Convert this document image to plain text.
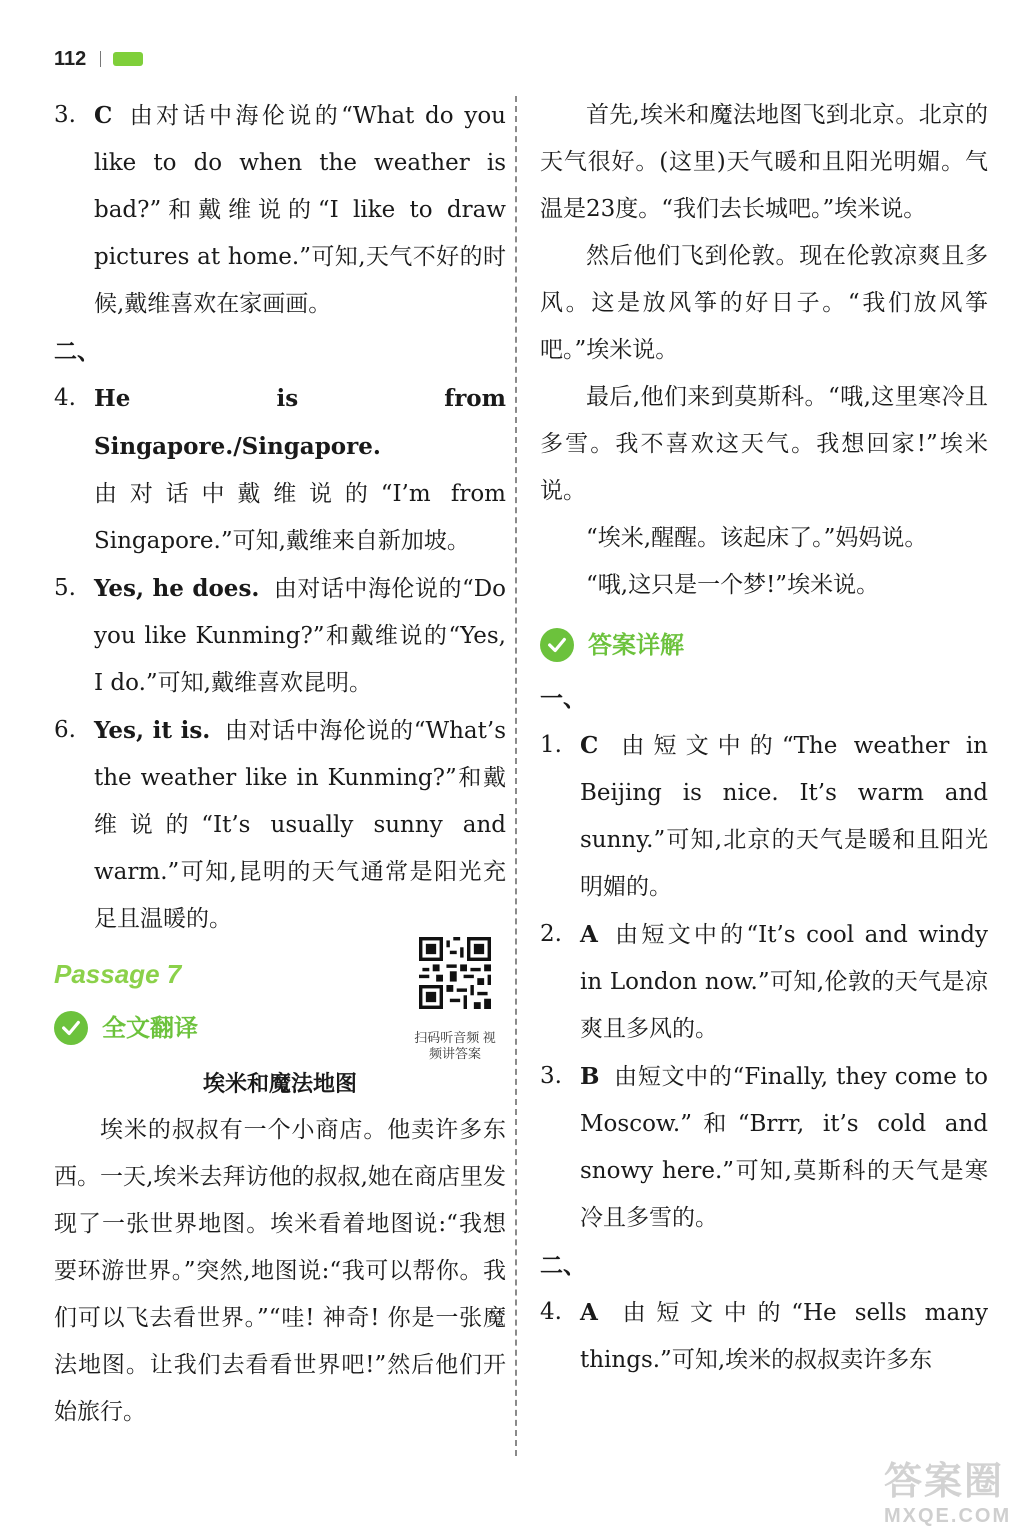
112
3. C 由对话中海伦说的“What do you like to do when the weather is bad?”和戴维说的“I like to draw pictures at home.”可知,天气不好的时候,戴维喜欢在家画画。
二、
4. He is from Singapore./Singapore.
由对话中戴维说的“I’m from Singapore.”可知,戴维来自新加坡。
5. Yes, he does. 由对话中海伦说的“Do you like Kunming?”和戴维说的“Yes, I do.”可知,戴维喜欢昆明。
6. Yes, it is. 由对话中海伦说的“What’s the weather like in Kunming?”和戴维说的“It’s usually sunny and warm.”可知,昆明的天气通常是阳光充足且温暖的。
Passage 7
扫码听音频 视频讲答案
全文翻译
埃米和魔法地图

埃米的叔叔有一个小商店。他卖许多东西。一天,埃米去拜访他的叔叔,她在商店里发现了一张世界地图。埃米看着地图说:“我想要环游世界。”突然,地图说:“我可以帮你。我们可以飞去看世界。”“哇! 神奇! 你是一张魔法地图。让我们去看看世界吧!”然后他们开始旅行。

首先,埃米和魔法地图飞到北京。北京的天气很好。(这里)天气暖和且阳光明媚。气温是23度。“我们去长城吧。”埃米说。

然后他们飞到伦敦。现在伦敦凉爽且多风。这是放风筝的好日子。“我们放风筝吧。”埃米说。

最后,他们来到莫斯科。“哦,这里寒冷且多雪。我不喜欢这天气。我想回家!”埃米说。

“埃米,醒醒。该起床了。”妈妈说。

“哦,这只是一个梦!”埃米说。

答案详解
一、
1. C 由短文中的“The weather in Beijing is nice. It’s warm and sunny.”可知,北京的天气是暖和且阳光明媚的。
2. A 由短文中的“It’s cool and windy in London now.”可知,伦敦的天气是凉爽且多风的。
3. B 由短文中的“Finally, they come to Moscow.”和“Brrr, it’s cold and snowy here.”可知,莫斯科的天气是寒冷且多雪的。
二、
4. A 由短文中的“He sells many things.”可知,埃米的叔叔卖许多东
答案圈
MXQE.COM
